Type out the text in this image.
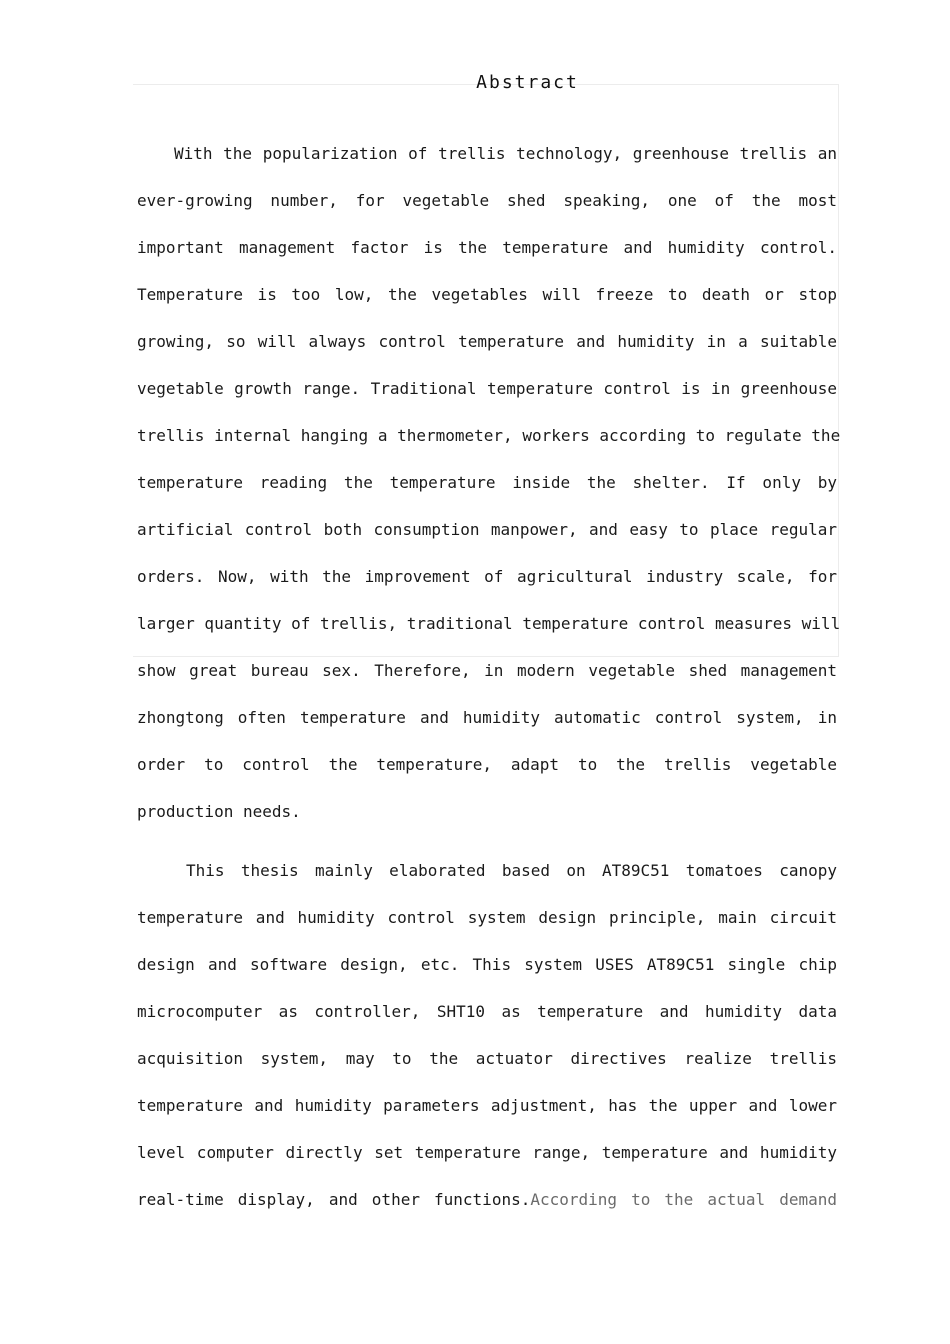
Abstract
With the popularization of trellis technology, greenhouse trellis an
ever-growing number, for vegetable shed speaking, one of the most
important management factor is the temperature and humidity control.
Temperature is too low, the vegetables will freeze to death or stop
growing, so will always control temperature and humidity in a suitable
vegetable growth range. Traditional temperature control is in greenhouse
trellis internal hanging a thermometer, workers according to regulate the
temperature reading the temperature inside the shelter. If only by
artificial control both consumption manpower, and easy to place regular
orders. Now, with the improvement of agricultural industry scale, for
larger quantity of trellis, traditional temperature control measures will
show great bureau sex. Therefore, in modern vegetable shed management
zhongtong often temperature and humidity automatic control system, in
order to control the temperature, adapt to the trellis vegetable
production needs.
This thesis mainly elaborated based on AT89C51 tomatoes canopy
temperature and humidity control system design principle, main circuit
design and software design, etc. This system USES AT89C51 single chip
microcomputer as controller, SHT10 as temperature and humidity data
acquisition system, may to the actuator directives realize trellis
temperature and humidity parameters adjustment, has the upper and lower
level computer directly set temperature range, temperature and humidity
real-time display, and other functions.According to the actual demand
